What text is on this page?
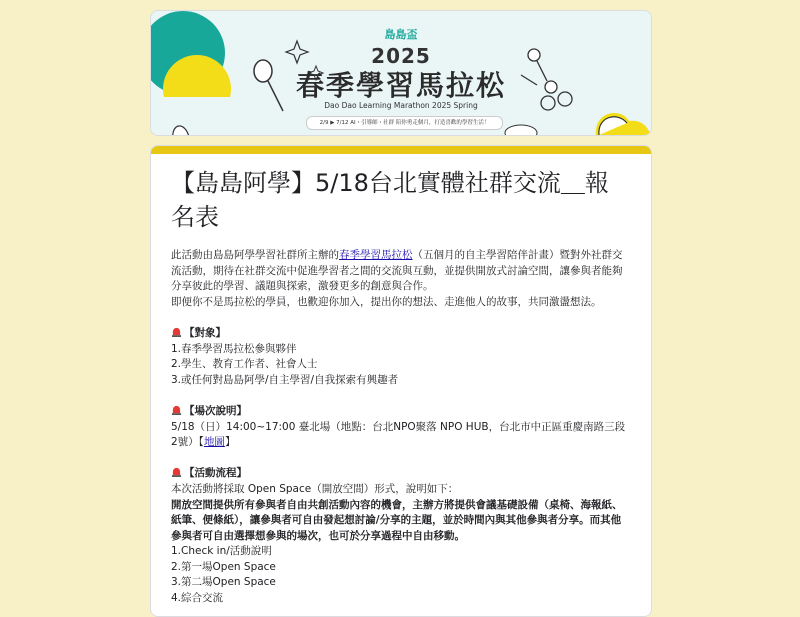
島島盃
2025
春季學習馬拉松
Dao Dao Learning Marathon 2025 Spring
2/9 ▶ 7/12 AI・引導師・社群 陪你勇走個月，打造喜歡的學習生活！
【島島阿學】5/18台北實體社群交流＿報名表

此活動由島島阿學學習社群所主辦的春季學習馬拉松（五個月的自主學習陪伴計畫）暨對外社群交流活動，期待在社群交流中促進學習者之間的交流與互動，並提供開放式討論空間，讓參與者能夠分享彼此的學習、議題與探索，激發更多的創意與合作。

即便你不是馬拉松的學員，也歡迎你加入，提出你的想法、走進他人的故事，共同激盪想法。

【對象】

1.春季學習馬拉松參與夥伴

2.學生、教育工作者、社會人士

3.或任何對島島阿學/自主學習/自我探索有興趣者

【場次說明】

5/18（日）14:00~17:00 臺北場（地點：台北NPO聚落 NPO HUB，台北市中正區重慶南路三段2號）【地圖】

【活動流程】

本次活動將採取 Open Space（開放空間）形式，說明如下：

開放空間提供所有參與者自由共創活動內容的機會，主辦方將提供會議基礎設備（桌椅、海報紙、紙筆、便條紙），讓參與者可自由發起想討論/分享的主題，並於時間內與其他參與者分享。而其他參與者可自由選擇想參與的場次，也可於分享過程中自由移動。

1.Check in/活動說明

2.第一場Open Space

3.第二場Open Space

4.綜合交流
